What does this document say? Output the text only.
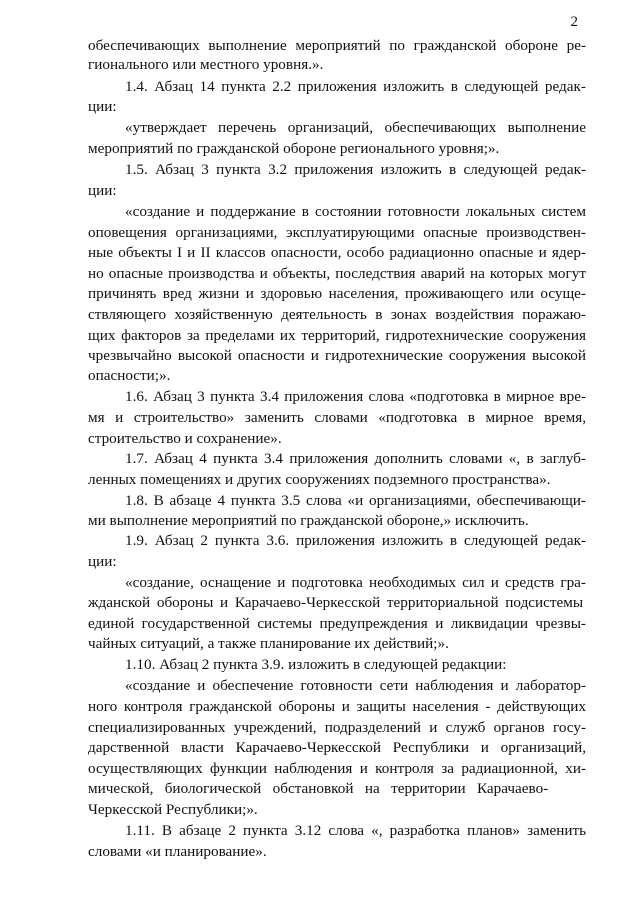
2
обеспечивающих выполнение мероприятий по гражданской обороне ре-
гионального или местного уровня.».
1.4. Абзац 14 пункта 2.2 приложения изложить в следующей редак-
ции:
«утверждает перечень организаций, обеспечивающих выполнение
мероприятий по гражданской обороне регионального уровня;».
1.5. Абзац 3 пункта 3.2 приложения изложить в следующей редак-
ции:
«создание и поддержание в состоянии готовности локальных систем
оповещения организациями, эксплуатирующими опасные производствен-
ные объекты I и II классов опасности, особо радиационно опасные и ядер-
но опасные производства и объекты, последствия аварий на которых могут
причинять вред жизни и здоровью населения, проживающего или осуще-
ствляющего хозяйственную деятельность в зонах воздействия поражаю-
щих факторов за пределами их территорий, гидротехнические сооружения
чрезвычайно высокой опасности и гидротехнические сооружения высокой
опасности;».
1.6. Абзац 3 пункта 3.4 приложения слова «подготовка в мирное вре-
мя и строительство» заменить словами «подготовка в мирное время,
строительство и сохранение».
1.7. Абзац 4 пункта 3.4 приложения дополнить словами «, в заглуб-
ленных помещениях и других сооружениях подземного пространства».
1.8. В абзаце 4 пункта 3.5 слова «и организациями, обеспечивающи-
ми выполнение мероприятий по гражданской обороне,» исключить.
1.9. Абзац 2 пункта 3.6. приложения изложить в следующей редак-
ции:
«создание, оснащение и подготовка необходимых сил и средств гра-
жданской обороны и Карачаево-Черкесской территориальной подсистемы
единой государственной системы предупреждения и ликвидации чрезвы-
чайных ситуаций, а также планирование их действий;».
1.10. Абзац 2 пункта 3.9. изложить в следующей редакции:
«создание и обеспечение готовности сети наблюдения и лаборатор-
ного контроля гражданской обороны и защиты населения - действующих
специализированных учреждений, подразделений и служб органов госу-
дарственной власти Карачаево-Черкесской Республики и организаций,
осуществляющих функции наблюдения и контроля за радиационной, хи-
мической, биологической обстановкой на территории Карачаево-
Черкесской Республики;».
1.11. В абзаце 2 пункта 3.12 слова «, разработка планов» заменить
словами «и планирование».
